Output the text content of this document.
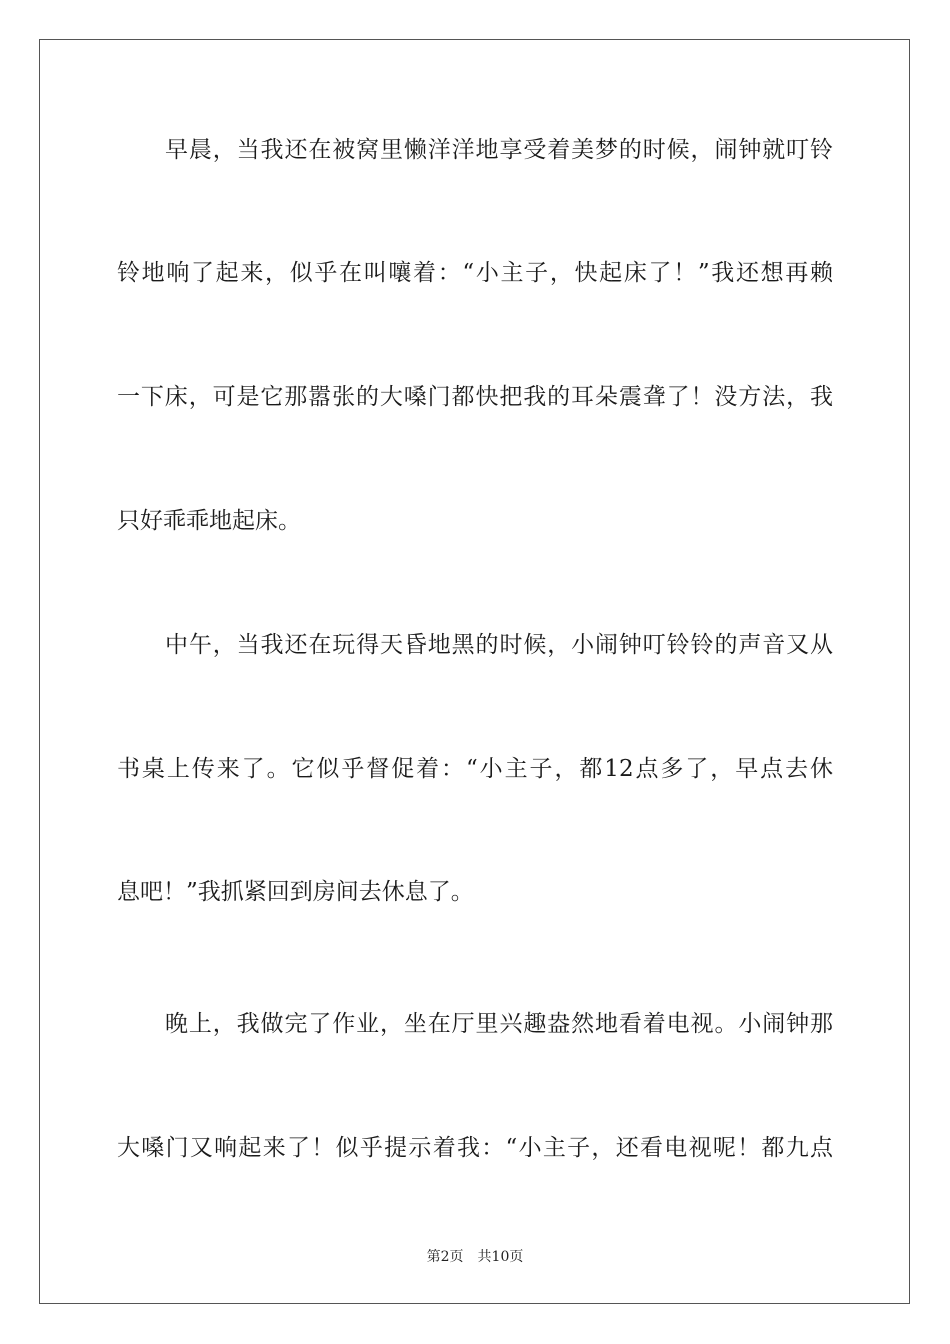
早晨，当我还在被窝里懒洋洋地享受着美梦的时候，闹钟就叮铃
铃地响了起来，似乎在叫嚷着：“小主子，快起床了！”我还想再赖
一下床，可是它那嚣张的大嗓门都快把我的耳朵震聋了！没方法，我
只好乖乖地起床。
中午，当我还在玩得天昏地黑的时候，小闹钟叮铃铃的声音又从
书桌上传来了。它似乎督促着：“小主子，都12点多了，早点去休
息吧！”我抓紧回到房间去休息了。
晚上，我做完了作业，坐在厅里兴趣盎然地看着电视。小闹钟那
大嗓门又响起来了！似乎提示着我：“小主子，还看电视呢！都九点
第2页　共10页
